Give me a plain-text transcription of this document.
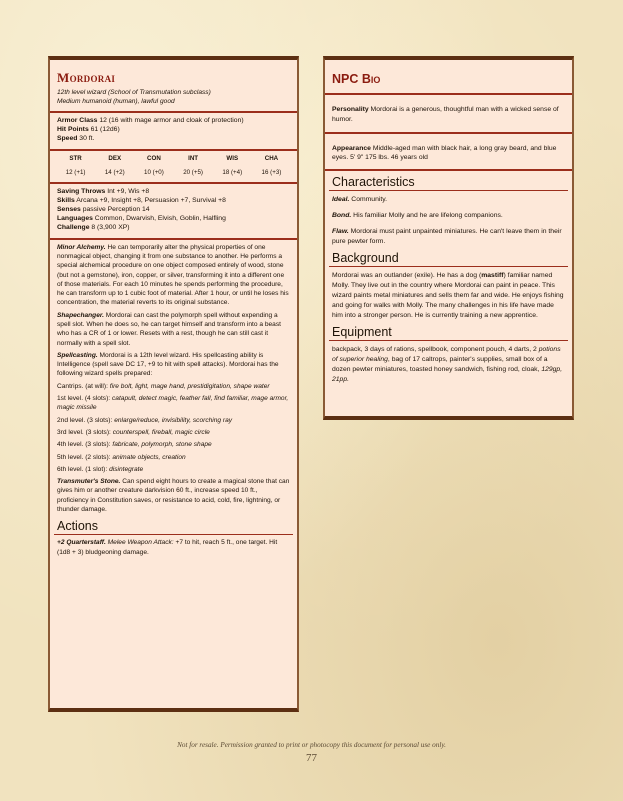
Mordorai
12th level wizard (School of Transmutation subclass)
Medium humanoid (human), lawful good
Armor Class 12 (16 with mage armor and cloak of protection)
Hit Points 61 (12d6)
Speed 30 ft.
STR
12 (+1)
DEX
14 (+2)
CON
10 (+0)
INT
20 (+5)
WIS
18 (+4)
CHA
16 (+3)
Saving Throws Int +9, Wis +8
Skills Arcana +9, Insight +8, Persuasion +7, Survival +8
Senses passive Perception 14
Languages Common, Dwarvish, Elvish, Goblin, Halfling
Challenge 8 (3,900 XP)
Minor Alchemy. He can temporarily alter the physical properties of one nonmagical object, changing it from one substance to another. He performs a special alchemical procedure on one object composed entirely of wood, stone (but not a gemstone), iron, copper, or silver, transforming it into a different one of those materials. For each 10 minutes he spends performing the procedure, he can transform up to 1 cubic foot of material. After 1 hour, or until he loses his concentration, the material reverts to its original substance.
Shapechanger. Mordorai can cast the polymorph spell without expending a spell slot. When he does so, he can target himself and transform into a beast who has a CR of 1 or lower. Resets with a rest, though he can still cast it normally with a spell slot.
Spellcasting. Mordorai is a 12th level wizard. His spellcasting ability is Intelligence (spell save DC 17, +9 to hit with spell attacks). Mordorai has the following wizard spells prepared:
Cantrips. (at will): fire bolt, light, mage hand, prestidigitation, shape water
1st level. (4 slots): catapult, detect magic, feather fall, find familiar, mage armor, magic missile
2nd level. (3 slots): enlarge/reduce, invisibility, scorching ray
3rd level. (3 slots): counterspell, fireball, magic circle
4th level. (3 slots): fabricate, polymorph, stone shape
5th level. (2 slots): animate objects, creation
6th level. (1 slot): disintegrate
Transmuter's Stone. Can spend eight hours to create a magical stone that can gives him or another creature darkvision 60 ft., increase speed 10 ft., proficiency in Constitution saves, or resistance to acid, cold, fire, lightning, or thunder damage.
Actions
+2 Quarterstaff. Melee Weapon Attack: +7 to hit, reach 5 ft., one target. Hit (1d8 + 3) bludgeoning damage.
NPC Bio
Personality Mordorai is a generous, thoughtful man with a wicked sense of humor.
Appearance Middle-aged man with black hair, a long gray beard, and blue eyes. 5' 9" 175 lbs. 46 years old
Characteristics
Ideal. Community.
Bond. His familiar Molly and he are lifelong companions.
Flaw. Mordorai must paint unpainted miniatures. He can't leave them in their pure pewter form.
Background
Mordorai was an outlander (exile). He has a dog (mastiff) familiar named Molly. They live out in the country where Mordorai can paint in peace. This wizard paints metal miniatures and sells them far and wide. He enjoys fishing and going for walks with Molly. The many challenges in his life have made him into a stronger person. He is currently training a new apprentice.
Equipment
backpack, 3 days of rations, spellbook, component pouch, 4 darts, 2 potions of superior healing, bag of 17 caltrops, painter's supplies, small box of a dozen pewter miniatures, toasted honey sandwich, fishing rod, cloak, 129gp, 21pp.
Not for resale. Permission granted to print or photocopy this document for personal use only.
77
